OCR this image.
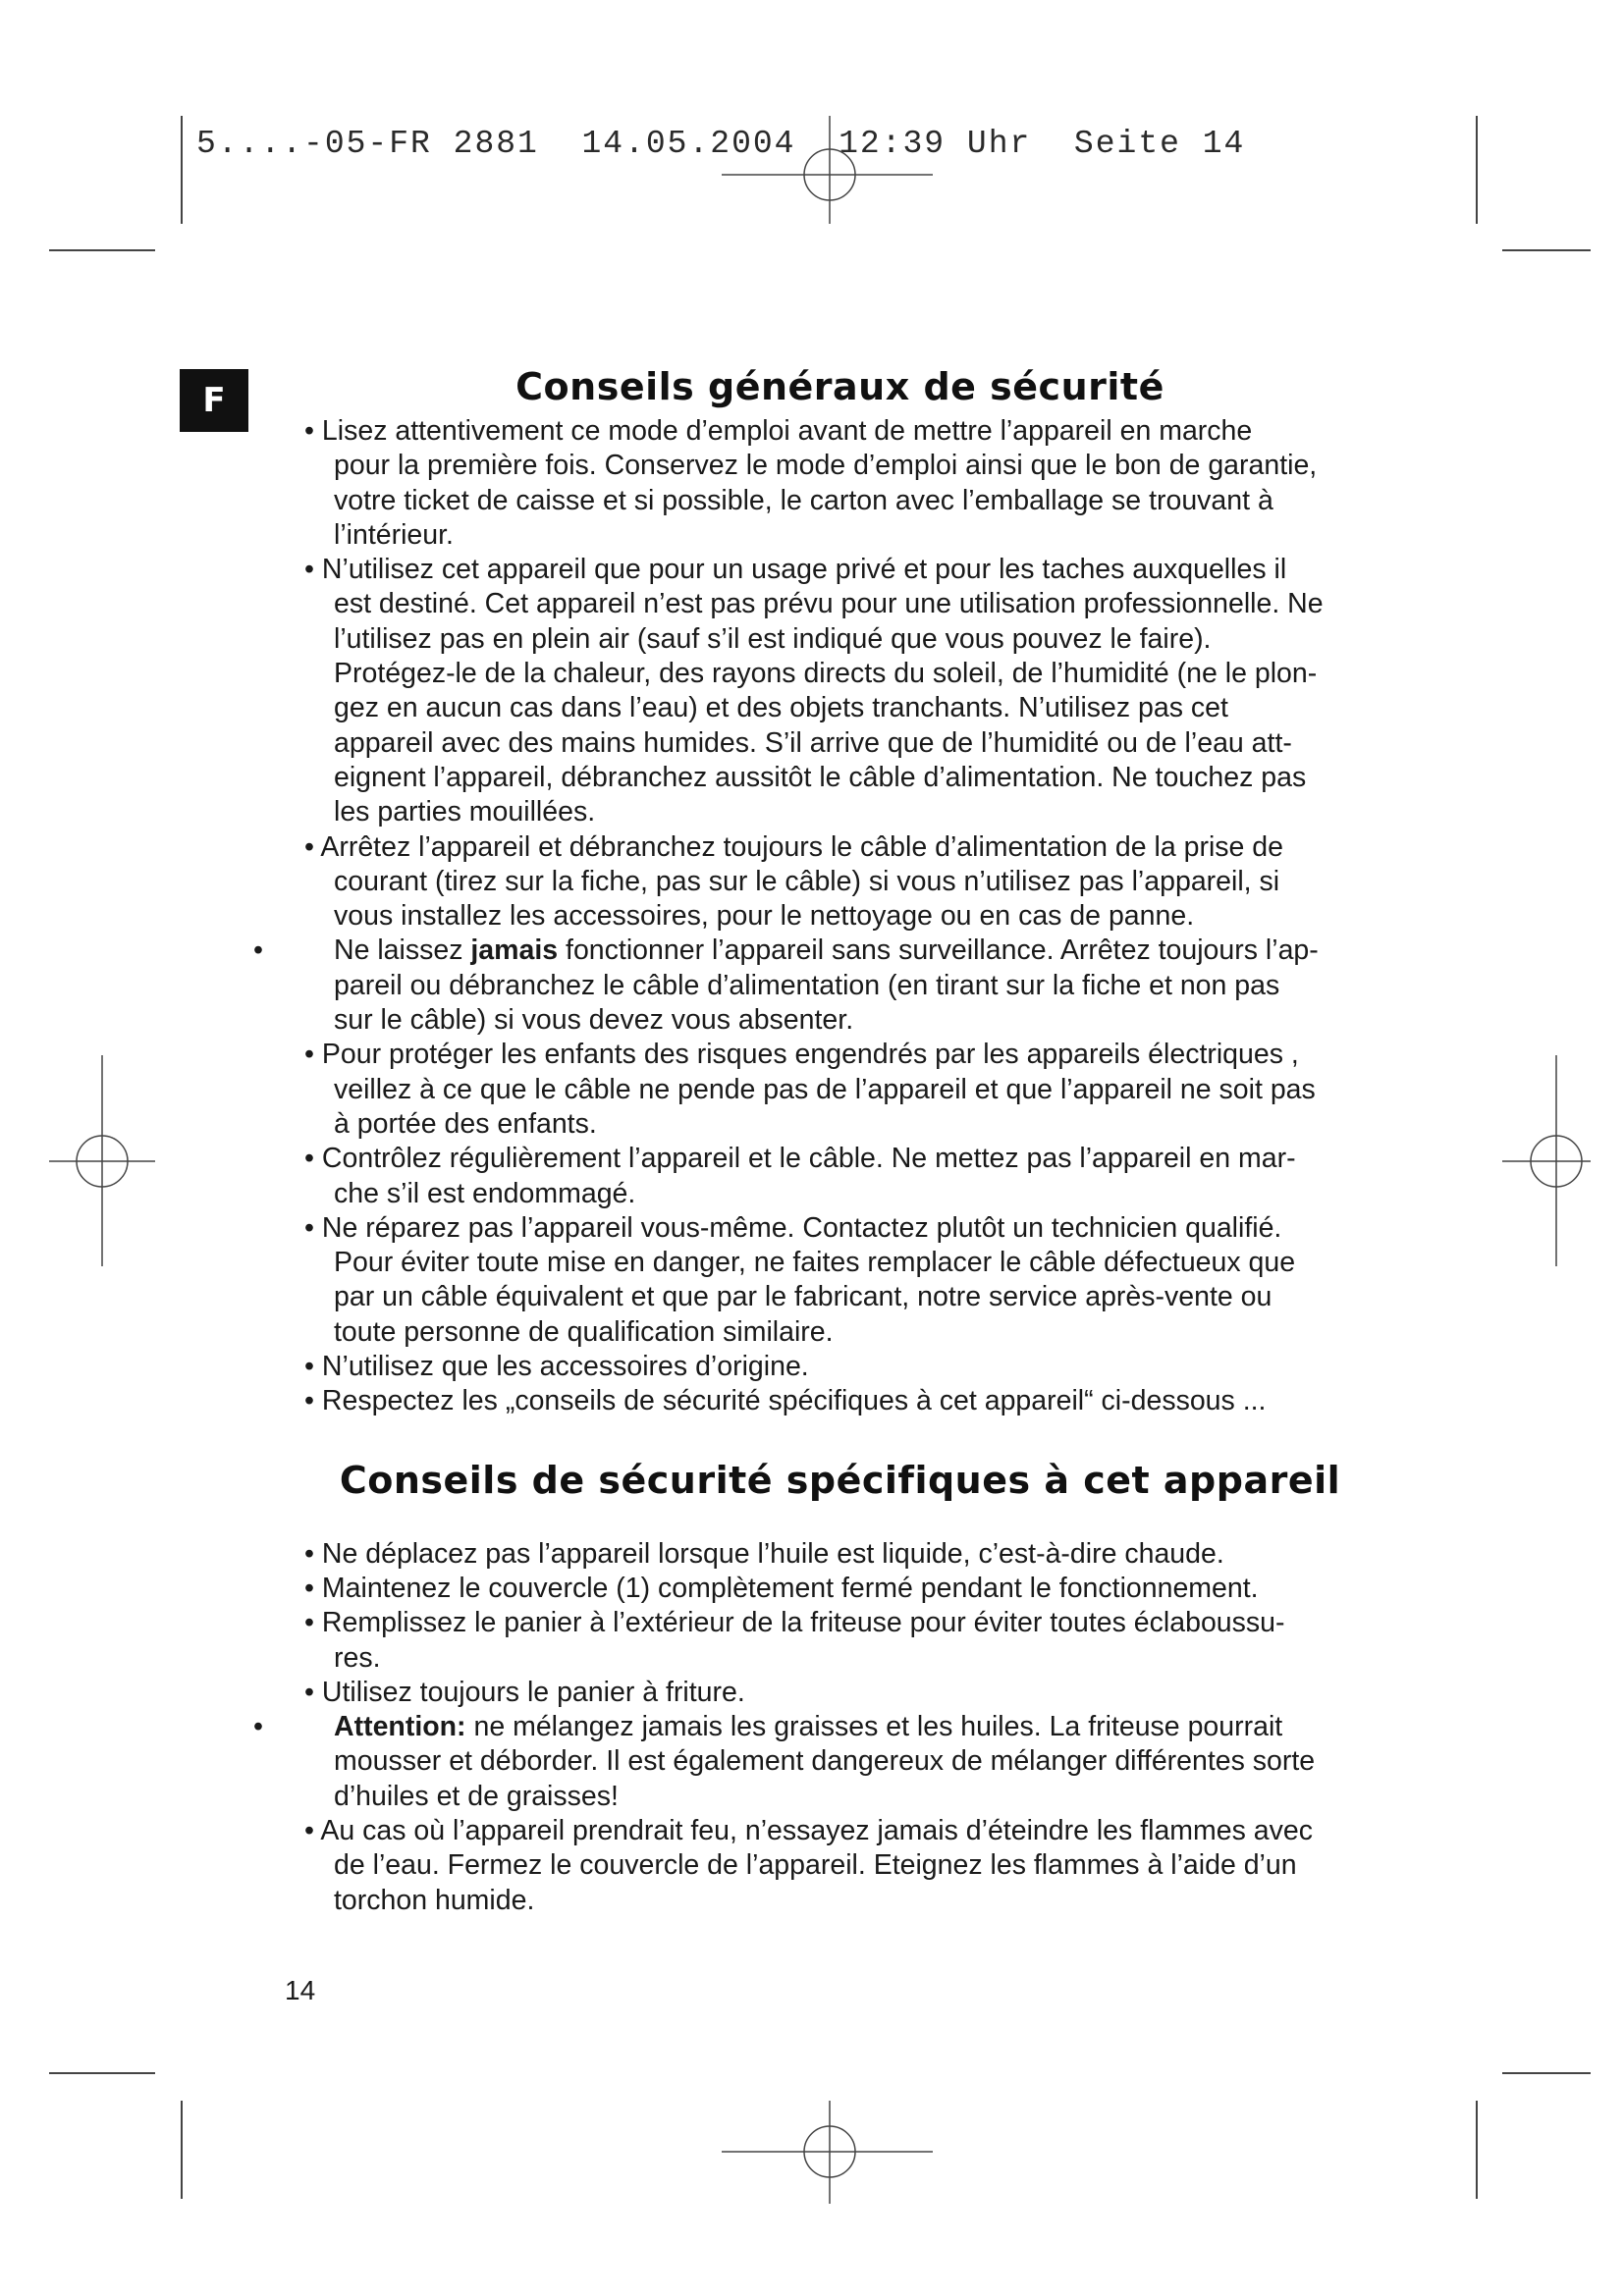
5....-05-FR 2881  14.05.2004  12:39 Uhr  Seite 14

F	Conseils généraux de sécurité
• Lisez attentivement ce mode d’emploi avant de mettre l’appareil en marche
pour la première fois. Conservez le mode d’emploi ainsi que le bon de garantie,
votre ticket de caisse et si possible, le carton avec l’emballage se trouvant à
l’intérieur.
• N’utilisez cet appareil que pour un usage privé et pour les taches auxquelles il
est destiné. Cet appareil n’est pas prévu pour une utilisation professionnelle. Ne
l’utilisez pas en plein air (sauf s’il est indiqué que vous pouvez le faire).
Protégez-le de la chaleur, des rayons directs du soleil, de l’humidité (ne le plon-
gez en aucun cas dans l’eau) et des objets tranchants. N’utilisez pas cet
appareil avec des mains humides. S’il arrive que de l’humidité ou de l’eau att-
eignent l’appareil, débranchez aussitôt le câble d’alimentation. Ne touchez pas
les parties mouillées.
• Arrêtez l’appareil et débranchez toujours le câble d’alimentation de la prise de
courant (tirez sur la fiche, pas sur le câble) si vous n’utilisez pas l’appareil, si
vous installez les accessoires, pour le nettoyage ou en cas de panne.
•	Ne laissez jamais fonctionner l’appareil sans surveillance. Arrêtez toujours l’ap-
pareil ou débranchez le câble d’alimentation (en tirant sur la fiche et non pas
sur le câble) si vous devez vous absenter.
• Pour protéger les enfants des risques engendrés par les appareils électriques ,
veillez à ce que le câble ne pende pas de l’appareil et que l’appareil ne soit pas
à portée des enfants.
• Contrôlez régulièrement l’appareil et le câble. Ne mettez pas l’appareil en mar-
che s’il est endommagé.
• Ne réparez pas l’appareil vous-même. Contactez plutôt un technicien qualifié.
Pour éviter toute mise en danger, ne faites remplacer le câble défectueux que
par un câble équivalent et que par le fabricant, notre service après-vente ou
toute personne de qualification similaire.
• N’utilisez que les accessoires d’origine.
• Respectez les „conseils de sécurité spécifiques à cet appareil“ ci-dessous ...
Conseils de sécurité spécifiques à cet appareil
• Ne déplacez pas l’appareil lorsque l’huile est liquide, c’est-à-dire chaude.
• Maintenez le couvercle (1) complètement fermé pendant le fonctionnement.
• Remplissez le panier à l’extérieur de la friteuse pour éviter toutes éclaboussu-
res.
• Utilisez toujours le panier à friture.
•	Attention: ne mélangez jamais les graisses et les huiles. La friteuse pourrait
mousser et déborder. Il est également dangereux de mélanger différentes sorte
d’huiles et de graisses!
• Au cas où l’appareil prendrait feu, n’essayez jamais d’éteindre les flammes avec
de l’eau. Fermez le couvercle de l’appareil. Eteignez les flammes à l’aide d’un
torchon humide.

14
